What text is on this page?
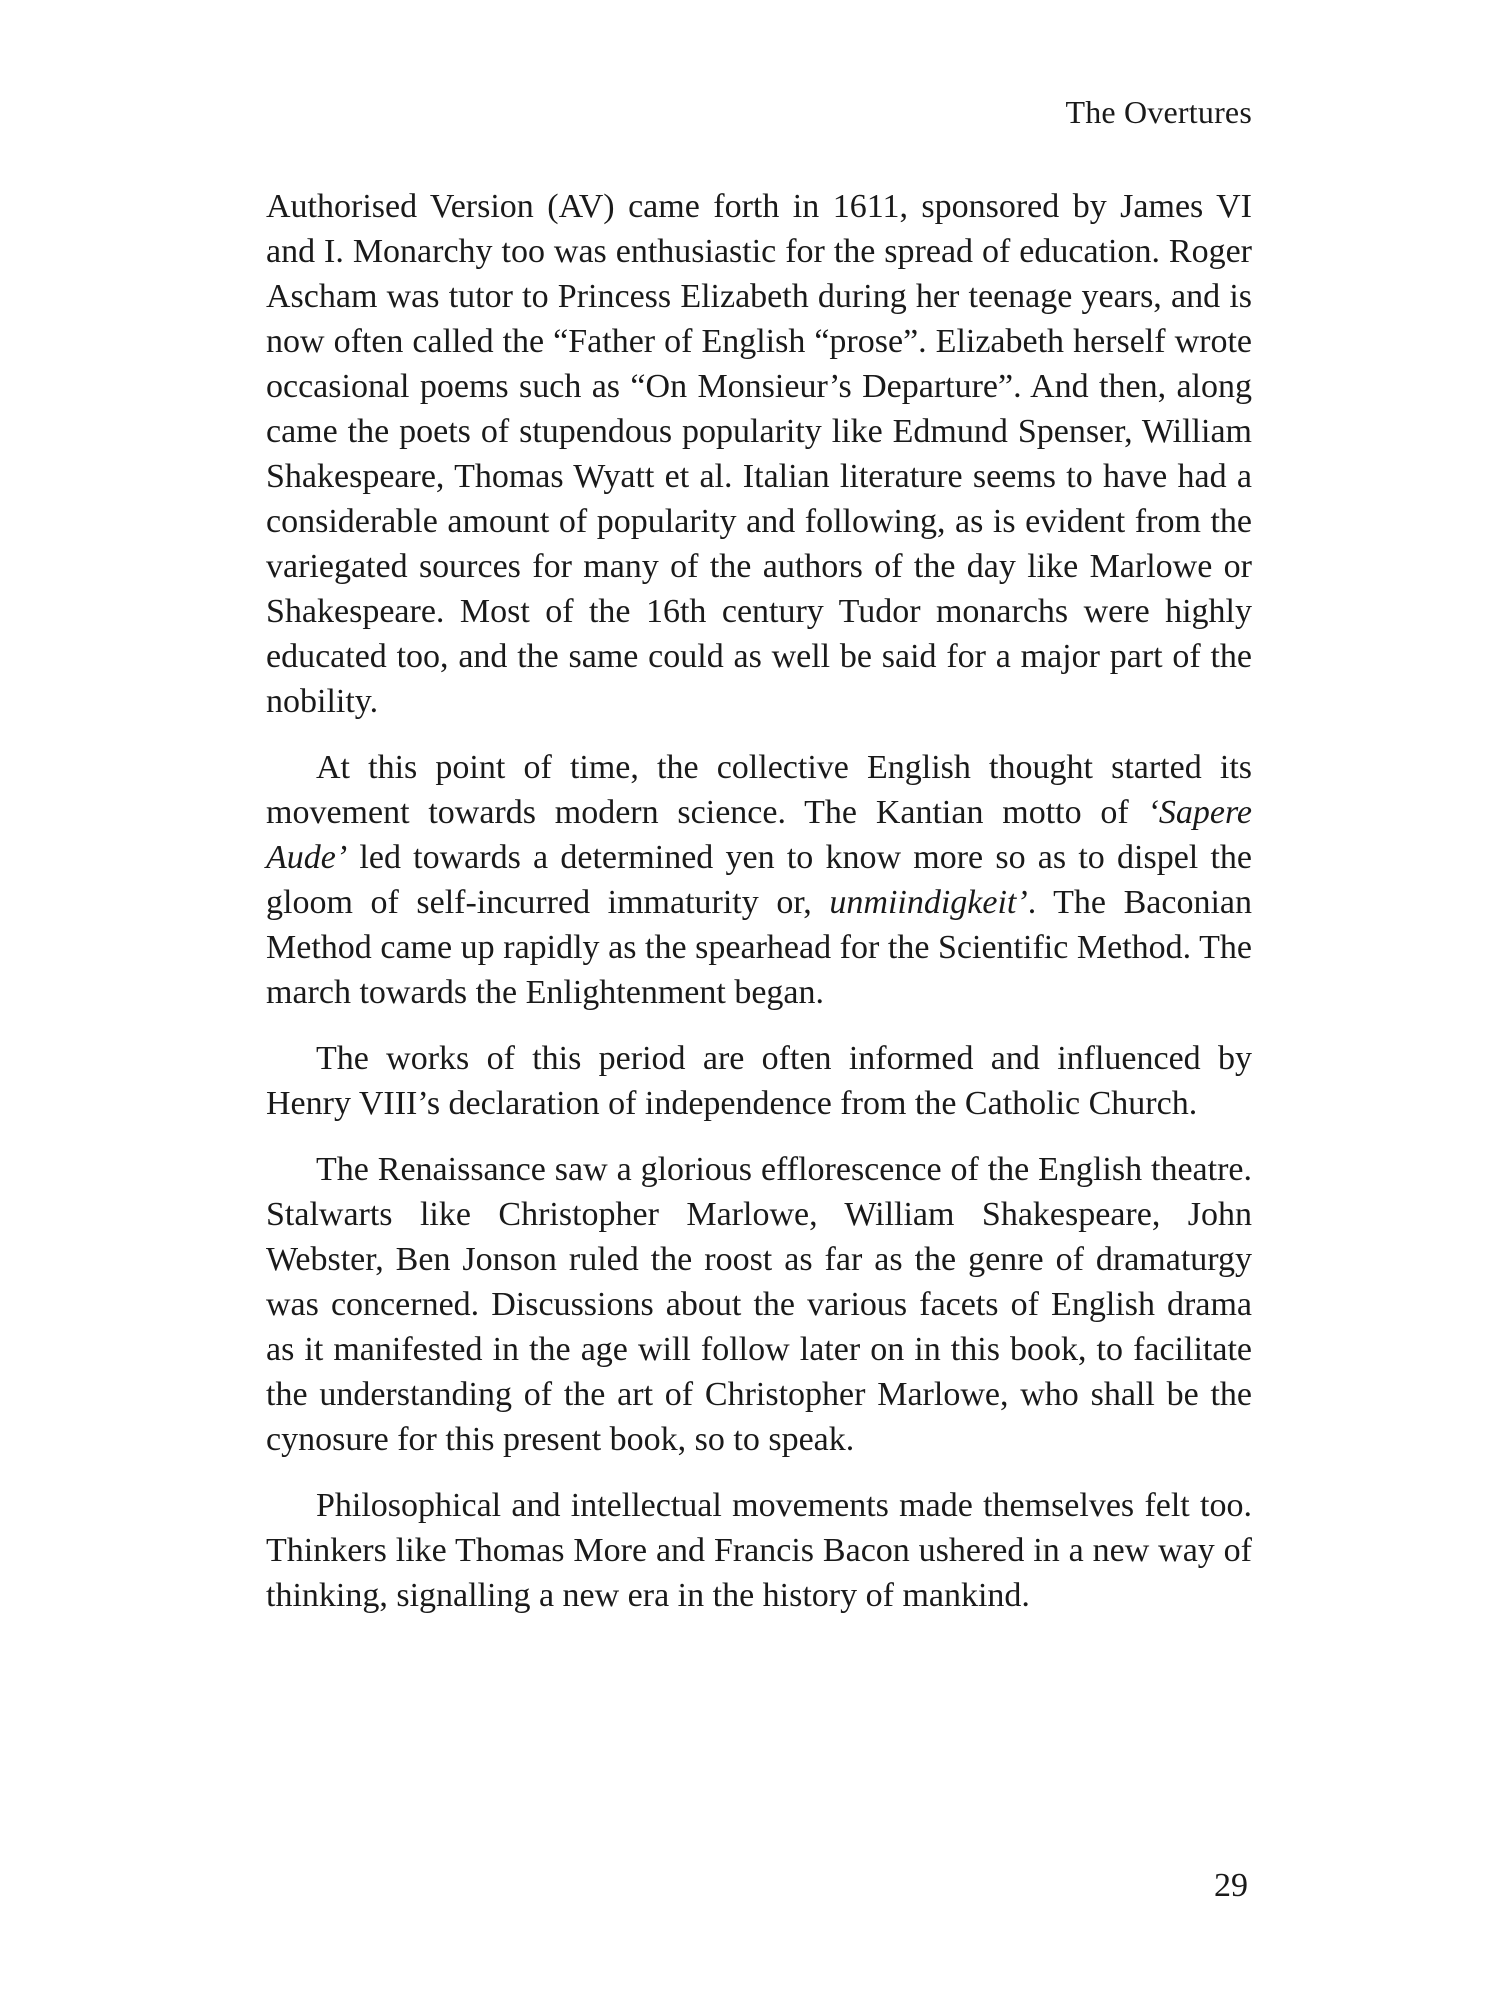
The Overtures

Authorised Version (AV) came forth in 1611, sponsored by James VI and I. Monarchy too was enthusiastic for the spread of education. Roger Ascham was tutor to Princess Elizabeth during her teenage years, and is now often called the “Father of English “prose”. Elizabeth herself wrote occasional poems such as “On Monsieur’s Departure”. And then, along came the poets of stupendous popularity like Edmund Spenser, William Shakespeare, Thomas Wyatt et al. Italian literature seems to have had a considerable amount of popularity and following, as is evident from the variegated sources for many of the authors of the day like Marlowe or Shakespeare. Most of the 16th century Tudor monarchs were highly educated too, and the same could as well be said for a major part of the nobility.

At this point of time, the collective English thought started its movement towards modern science. The Kantian motto of ‘Sapere Aude’ led towards a determined yen to know more so as to dispel the gloom of self-incurred immaturity or, unmiindigkeit’. The Baconian Method came up rapidly as the spearhead for the Scientific Method. The march towards the Enlightenment began.

The works of this period are often informed and influenced by Henry VIII’s declaration of independence from the Catholic Church.

The Renaissance saw a glorious efflorescence of the English theatre. Stalwarts like Christopher Marlowe, William Shakespeare, John Webster, Ben Jonson ruled the roost as far as the genre of dramaturgy was concerned. Discussions about the various facets of English drama as it manifested in the age will follow later on in this book, to facilitate the understanding of the art of Christopher Marlowe, who shall be the cynosure for this present book, so to speak.

Philosophical and intellectual movements made themselves felt too. Thinkers like Thomas More and Francis Bacon ushered in a new way of thinking, signalling a new era in the history of mankind.

29
